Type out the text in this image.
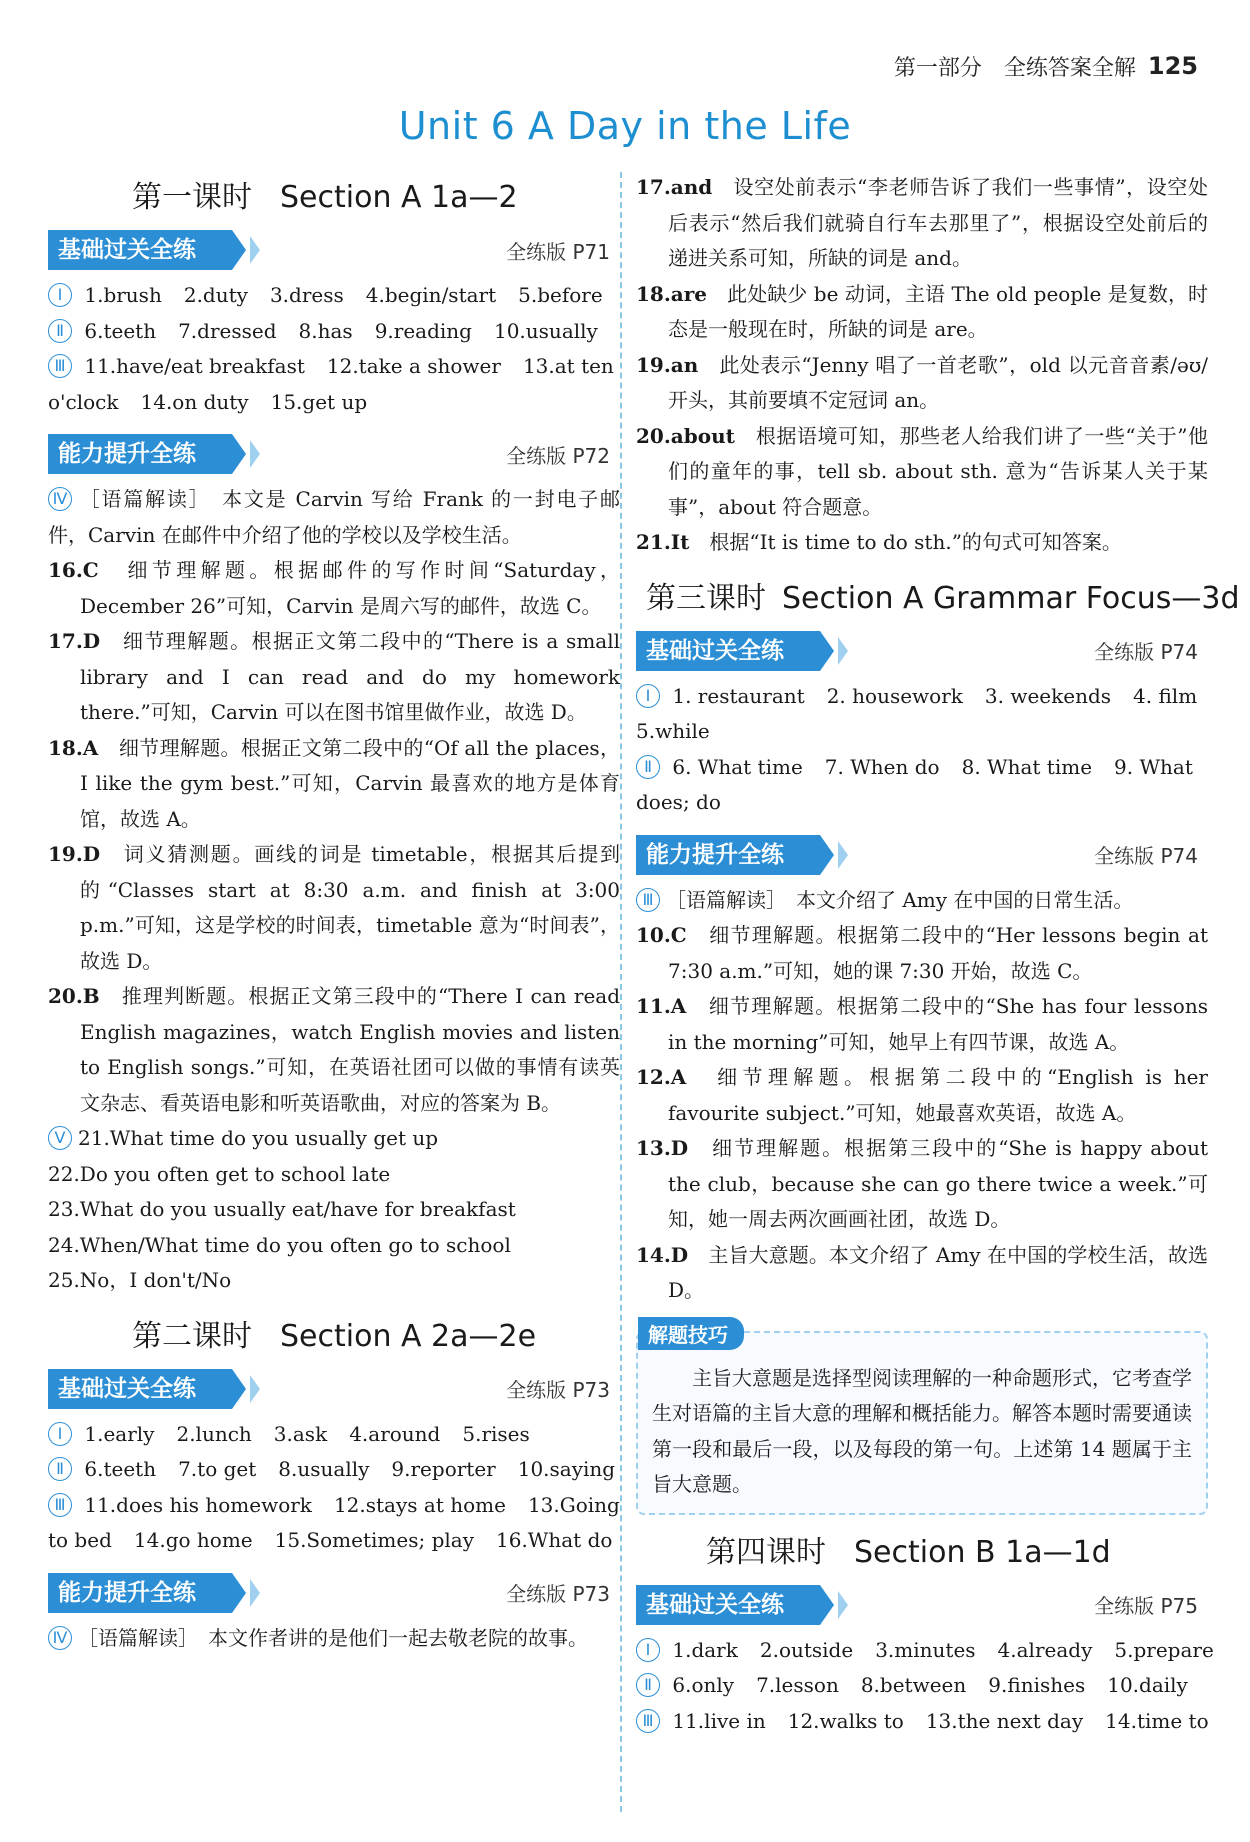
第一部分 全练答案全解 125
Unit 6 A Day in the Life
第一课时 Section A 1a—2
基础过关全练	全练版 P71
Ⅰ 1.brush 2.duty 3.dress 4.begin/start 5.before
Ⅱ 6.teeth 7.dressed 8.has 9.reading 10.usually
Ⅲ 11.have/eat breakfast 12.take a shower 13.at ten
o'clock 14.on duty 15.get up
能力提升全练	全练版 P72
Ⅳ ［语篇解读］　本文是 Carvin 写给 Frank 的一封电子邮件，Carvin 在邮件中介绍了他的学校以及学校生活。
16.C　 细节理解题。根据邮件的写作时间“Saturday，December 26”可知，Carvin 是周六写的邮件，故选 C。
17.D　 细节理解题。根据正文第二段中的“There is a small library and I can read and do my homework there.”可知，Carvin 可以在图书馆里做作业，故选 D。
18.A　 细节理解题。根据正文第二段中的“Of all the places，I like the gym best.”可知，Carvin 最喜欢的地方是体育馆，故选 A。
19.D　 词义猜测题。画线的词是 timetable，根据其后提到的“Classes start at 8:30 a.m. and finish at 3:00 p.m.”可知，这是学校的时间表，timetable 意为“时间表”，故选 D。
20.B　 推理判断题。根据正文第三段中的“There I can read English magazines，watch English movies and listen to English songs.”可知，在英语社团可以做的事情有读英文杂志、看英语电影和听英语歌曲，对应的答案为 B。
Ⅴ 21.What time do you usually get up
22.Do you often get to school late
23.What do you usually eat/have for breakfast
24.When/What time do you often go to school
25.No，I don't/No
第二课时 Section A 2a—2e
基础过关全练	全练版 P73
Ⅰ 1.early 2.lunch 3.ask 4.around 5.rises
Ⅱ 6.teeth 7.to get 8.usually 9.reporter 10.saying
Ⅲ 11.does his homework 12.stays at home 13.Going
to bed 14.go home 15.Sometimes; play 16.What do
能力提升全练	全练版 P73
Ⅳ ［语篇解读］　本文作者讲的是他们一起去敬老院的故事。
17.and　 设空处前表示“李老师告诉了我们一些事情”，设空处后表示“然后我们就骑自行车去那里了”，根据设空处前后的递进关系可知，所缺的词是 and。
18.are　 此处缺少 be 动词，主语 The old people 是复数，时态是一般现在时，所缺的词是 are。
19.an　 此处表示“Jenny 唱了一首老歌”，old 以元音音素/əʊ/开头，其前要填不定冠词 an。
20.about　 根据语境可知，那些老人给我们讲了一些“关于”他们的童年的事，tell sb. about sth. 意为“告诉某人关于某事”，about 符合题意。
21.It　 根据“It is time to do sth.”的句式可知答案。
第三课时 Section A Grammar Focus—3d
基础过关全练	全练版 P74
Ⅰ 1. restaurant 2. housework 3. weekends 4. film
5.while
Ⅱ 6. What time 7. When do 8. What time 9. What
does; do
能力提升全练	全练版 P74
Ⅲ ［语篇解读］　本文介绍了 Amy 在中国的日常生活。
10.C　 细节理解题。根据第二段中的“Her lessons begin at 7:30 a.m.”可知，她的课 7:30 开始，故选 C。
11.A　 细节理解题。根据第二段中的“She has four lessons in the morning”可知，她早上有四节课，故选 A。
12.A　 细节理解题。根据第二段中的“English is her favourite subject.”可知，她最喜欢英语，故选 A。
13.D　 细节理解题。根据第三段中的“She is happy about the club，because she can go there twice a week.”可知，她一周去两次画画社团，故选 D。
14.D　 主旨大意题。本文介绍了 Amy 在中国的学校生活，故选 D。
解题技巧
主旨大意题是选择型阅读理解的一种命题形式，它考查学生对语篇的主旨大意的理解和概括能力。解答本题时需要通读第一段和最后一段，以及每段的第一句。上述第 14 题属于主旨大意题。
第四课时 Section B 1a—1d
基础过关全练	全练版 P75
Ⅰ 1.dark 2.outside 3.minutes 4.already 5.prepare
Ⅱ 6.only 7.lesson 8.between 9.finishes 10.daily
Ⅲ 11.live in 12.walks to 13.the next day 14.time to
